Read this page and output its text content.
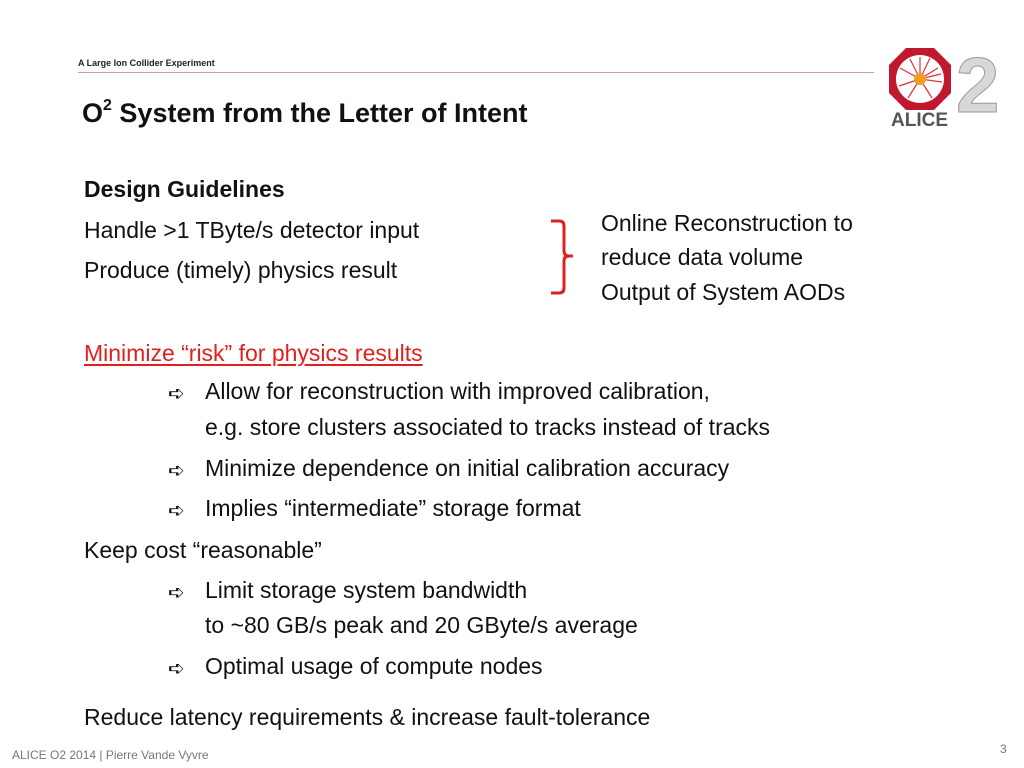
A Large Ion Collider Experiment
$O^2$ System from the Letter of Intent	2
ALICE
Design Guidelines
Handle >1 TByte/s detector input
Produce (timely) physics result
Online Reconstruction to
reduce data volume
Output of System AODs
Minimize “risk” for physics results
➪ Allow for reconstruction with improved calibration,
e.g. store clusters associated to tracks instead of tracks
➪ Minimize dependence on initial calibration accuracy
➪ Implies “intermediate” storage format
Keep cost “reasonable”
➪ Limit storage system bandwidth
to ~80 GB/s peak and 20 GByte/s average
➪ Optimal usage of compute nodes
Reduce latency requirements & increase fault-tolerance
ALICE O2 2014 | Pierre Vande Vyvre	3
